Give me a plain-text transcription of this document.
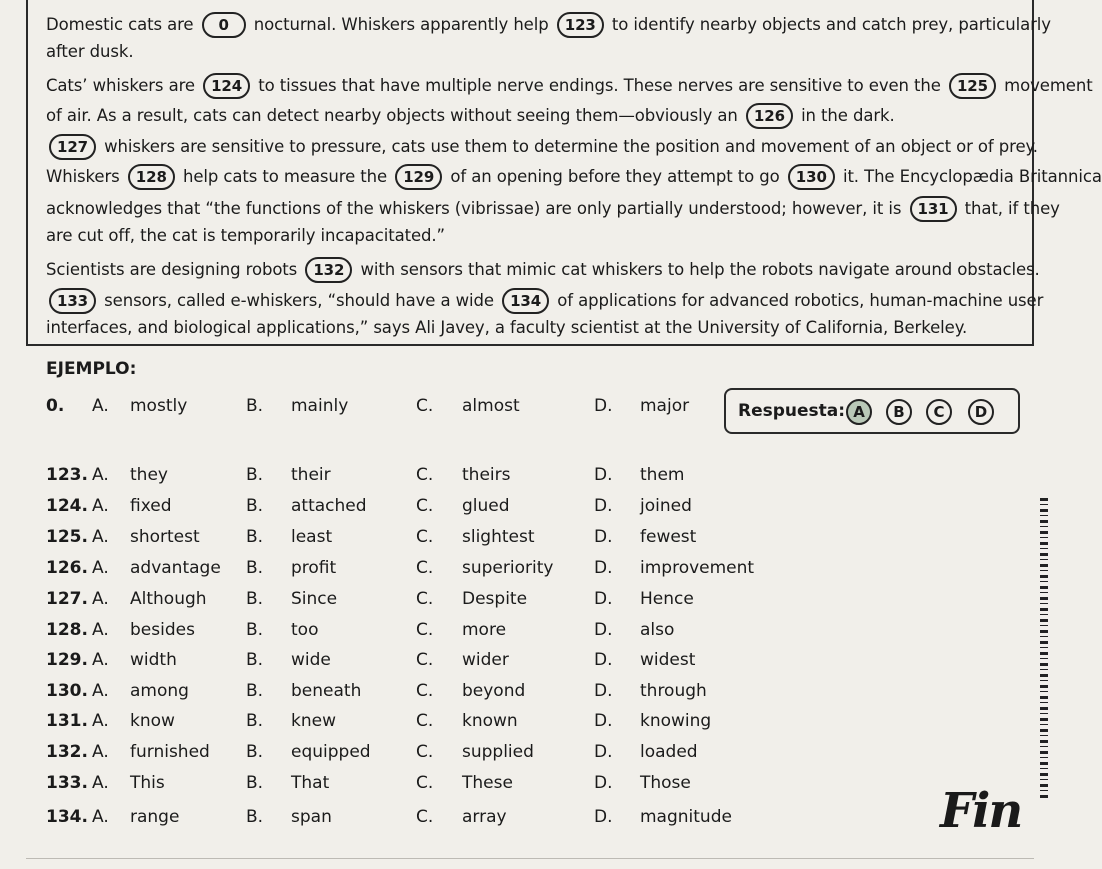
Domestic cats are 0 nocturnal. Whiskers apparently help 123 to identify nearby objects and catch prey, particularly
after dusk.
Cats’ whiskers are 124 to tissues that have multiple nerve endings. These nerves are sensitive to even the 125 movement
of air. As a result, cats can detect nearby objects without seeing them—obviously an 126 in the dark.
127 whiskers are sensitive to pressure, cats use them to determine the position and movement of an object or of prey.
Whiskers 128 help cats to measure the 129 of an opening before they attempt to go 130 it. The Encyclopædia Britannica
acknowledges that “the functions of the whiskers (vibrissae) are only partially understood; however, it is 131 that, if they
are cut off, the cat is temporarily incapacitated.”
Scientists are designing robots 132 with sensors that mimic cat whiskers to help the robots navigate around obstacles.
133 sensors, called e-whiskers, “should have a wide 134 of applications for advanced robotics, human-machine user
interfaces, and biological applications,” says Ali Javey, a faculty scientist at the University of California, Berkeley.
EJEMPLO:
0. A. mostly	B. mainly	C. almost	D. major	Respuesta: A	B	C	D
123. A. they	B. their	C. theirs	D. them
124. A. fixed	B. attached	C. glued	D. joined
125. A. shortest	B. least	C. slightest	D. fewest
126. A. advantage B. profit	C. superiority D. improvement
127. A. Although B. Since	C. Despite	D. Hence
128. A. besides	B. too	C. more	D. also
129. A. width	B. wide	C. wider	D. widest
130. A. among	B. beneath	C. beyond	D. through
131. A. know	B. knew	C. known	D. knowing
132. A. furnished B. equipped	C. supplied	D. loaded
133. A. This	B. That	C. These	D. Those
134. A. range	B. span	C. array	D. magnitude	Fin
